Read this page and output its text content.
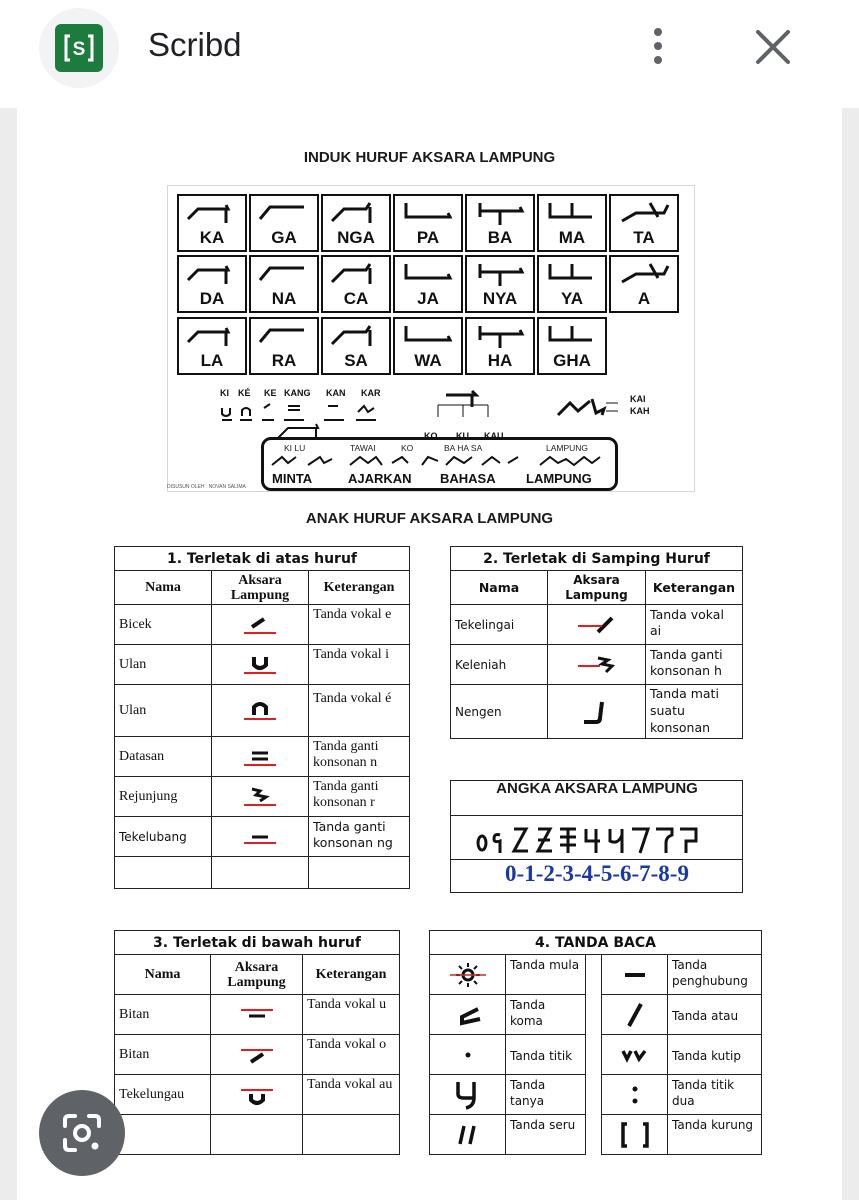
S Scribd
INDUK HURUF AKSARA LAMPUNG
KA	GA	NGA	PA	BA	MA	TA
DA	NA	CA	JA	NYA	YA	A
LA	RA	SA	WA	HA	GHA
KI KÉ KE KANG KAN KAR
KO KU KAU
KAI
KAH
KI LU	TAWAI	KO	BA HA SA	LAMPUNG
MINTA	AJARKAN BAHASA LAMPUNG
DISUSUN OLEH : NOVAN SALIMA
ANAK HURUF AKSARA LAMPUNG
1. Terletak di atas huruf		
Nama	Aksara Lampung	Keterangan
Bicek		Tanda vokal e
Ulan		Tanda vokal i
Ulan		Tanda vokal é
Datasan		Tanda ganti konsonan n
Rejunjung		Tanda ganti konsonan r
Tekelubang		Tanda ganti konsonan ng

2. Terletak di Samping Huruf		
Nama	Aksara Lampung	Keterangan
Tekelingai		Tanda vokal ai
Keleniah		Tanda ganti konsonan h
Nengen		Tanda mati suatu konsonan
ANGKA AKSARA LAMPUNG
0-1-2-3-4-5-6-7-8-9
3. Terletak di bawah huruf		
Nama	Aksara Lampung	Keterangan
Bitan		Tanda vokal u
Bitan		Tanda vokal o
Tekelungau		Tanda vokal au

4. TANDA BACA				

	Tanda mula			Tanda penghubung

	Tanda koma			Tanda atau

	Tanda titik			Tanda kutip

	Tanda tanya			Tanda titik dua

	Tanda seru			Tanda kurung
